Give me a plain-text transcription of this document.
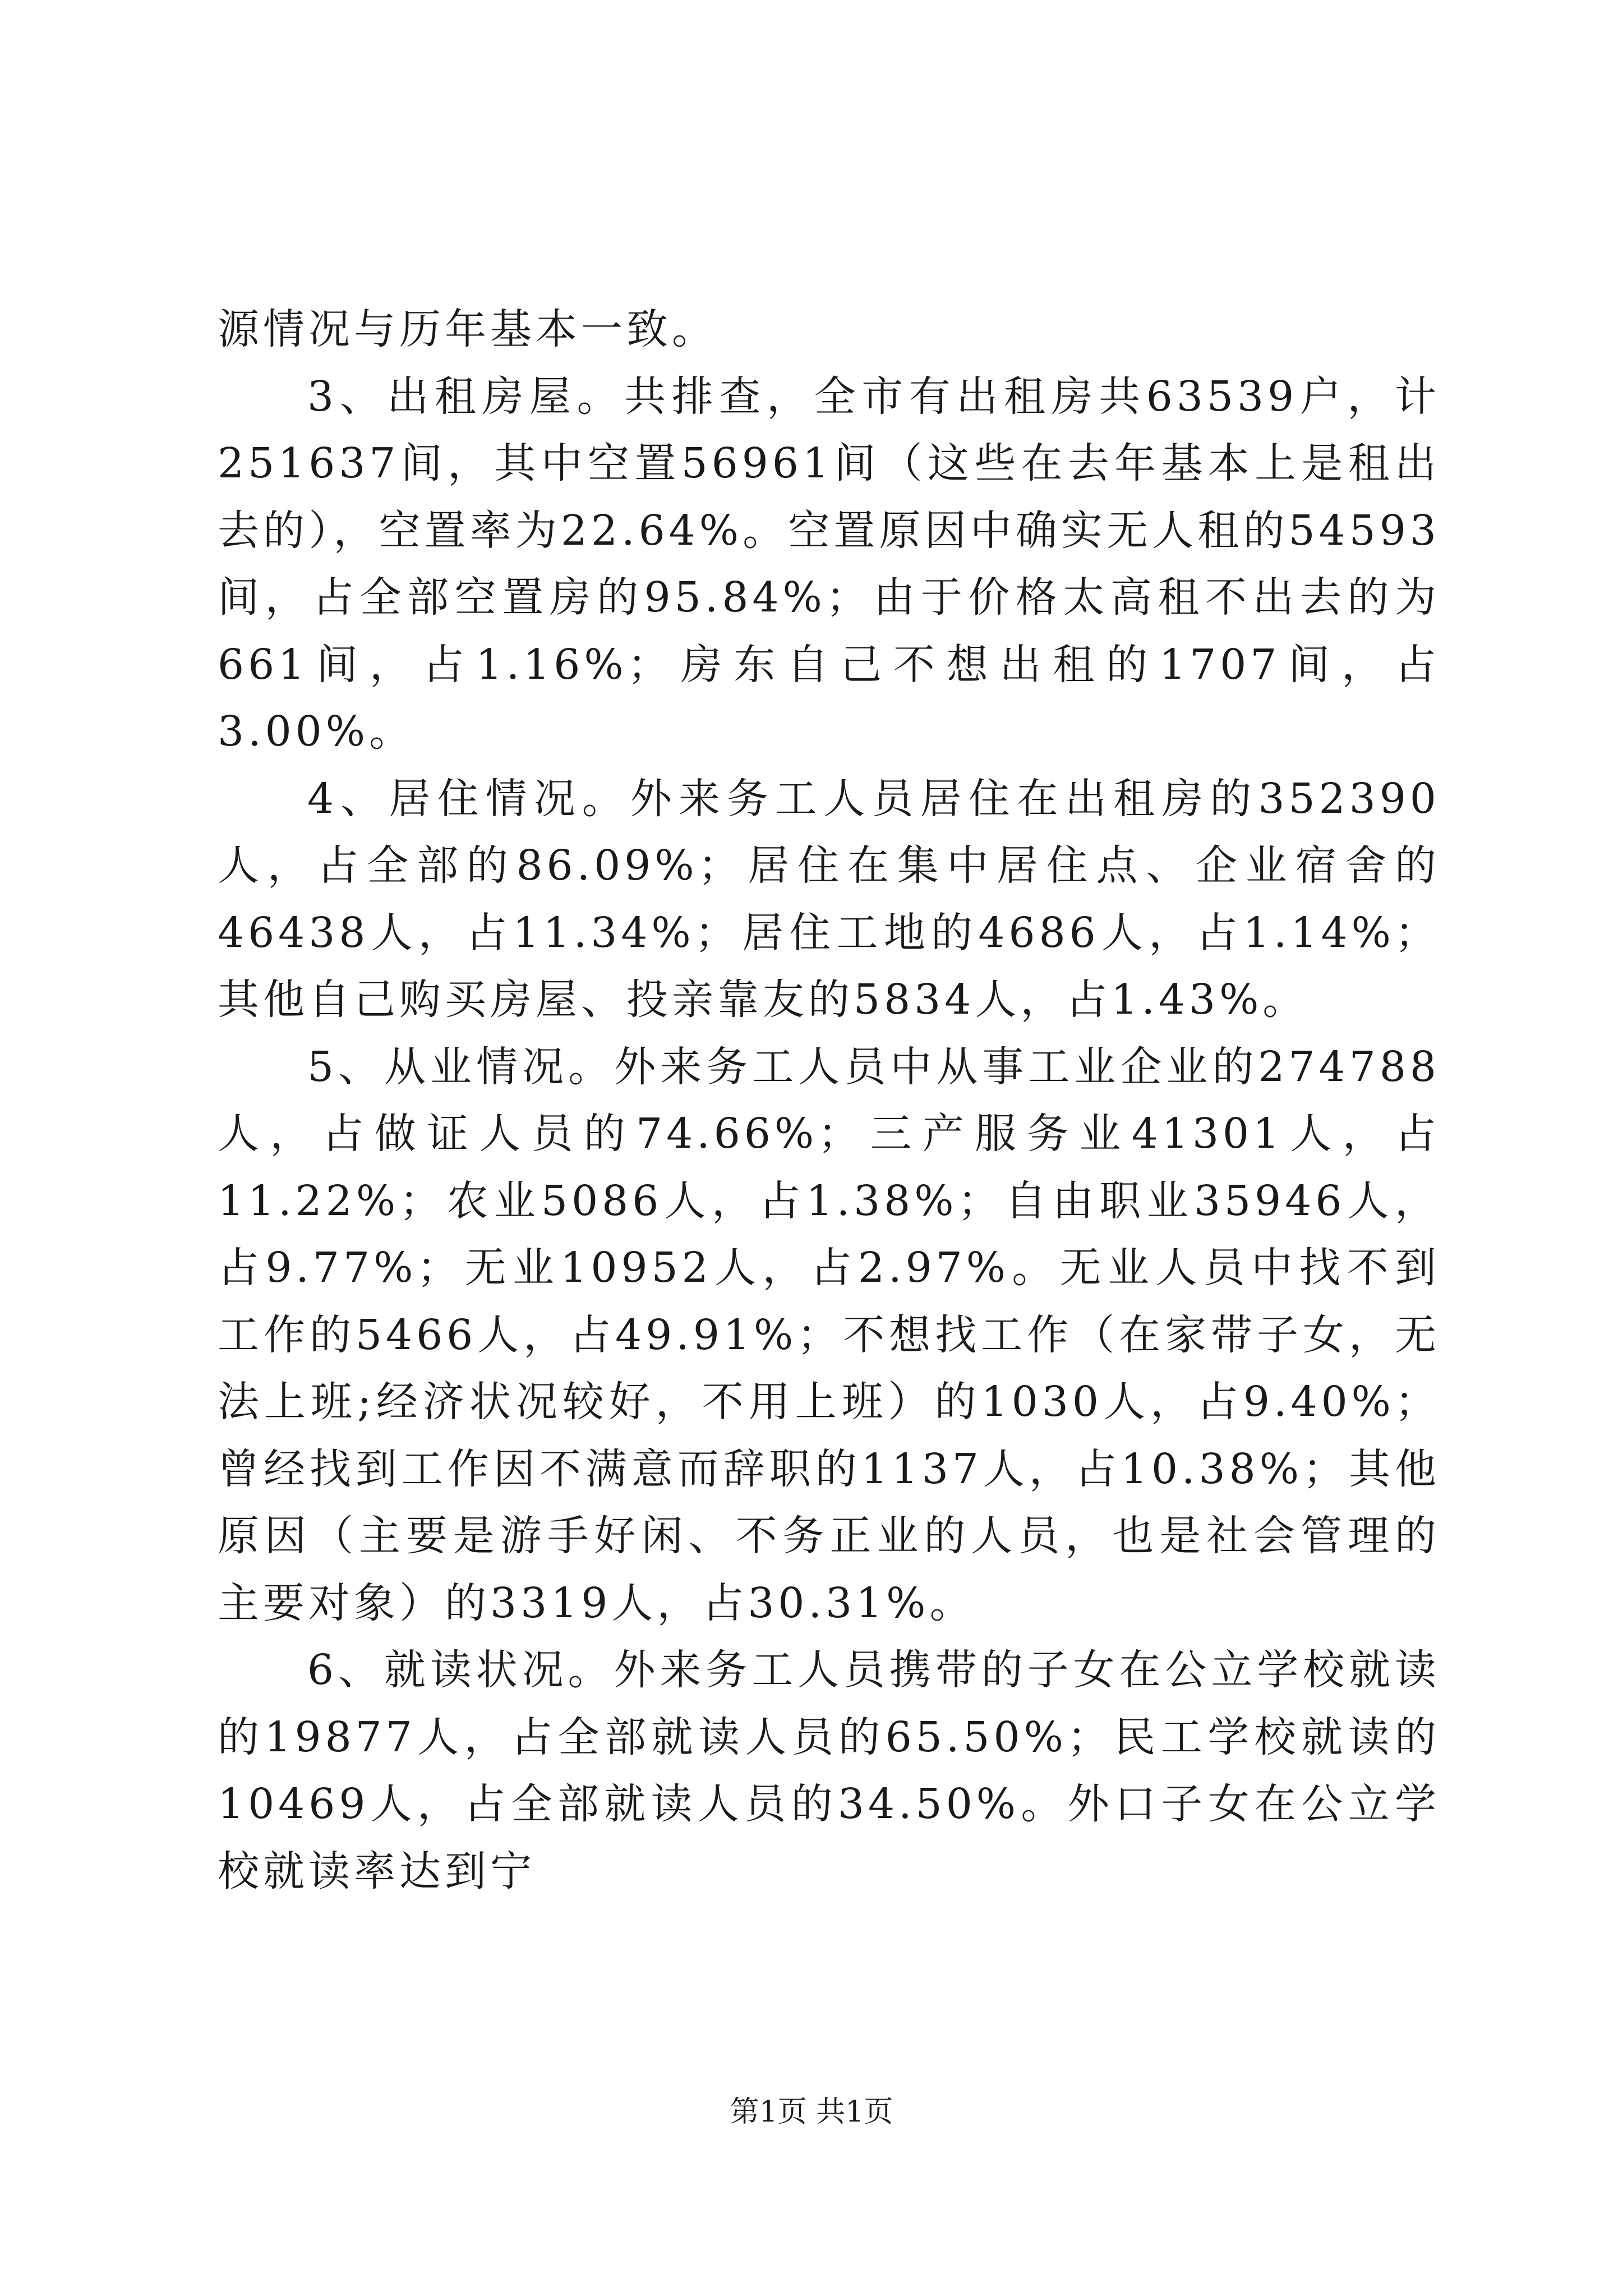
源情况与历年基本一致。

3、出租房屋。共排查，全市有出租房共63539户，计251637间，其中空置56961间（这些在去年基本上是租出去的），空置率为22.64%。空置原因中确实无人租的54593间，占全部空置房的95.84%；由于价格太高租不出去的为661间，占1.16%；房东自己不想出租的1707间，占3.00%。

4、居住情况。外来务工人员居住在出租房的352390人，占全部的86.09%；居住在集中居住点、企业宿舍的46438人，占11.34%；居住工地的4686人，占1.14%；其他自己购买房屋、投亲靠友的5834人，占1.43%。

5、从业情况。外来务工人员中从事工业企业的274788人，占做证人员的74.66%；三产服务业41301人，占11.22%；农业5086人，占1.38%；自由职业35946人，占9.77%；无业10952人，占2.97%。无业人员中找不到工作的5466人，占49.91%；不想找工作（在家带子女，无法上班;经济状况较好，不用上班）的1030人，占9.40%；曾经找到工作因不满意而辞职的1137人，占10.38%；其他原因（主要是游手好闲、不务正业的人员，也是社会管理的主要对象）的3319人，占30.31%。

6、就读状况。外来务工人员携带的子女在公立学校就读的19877人，占全部就读人员的65.50%；民工学校就读的10469人，占全部就读人员的34.50%。外口子女在公立学校就读率达到宁

第1页 共1页
